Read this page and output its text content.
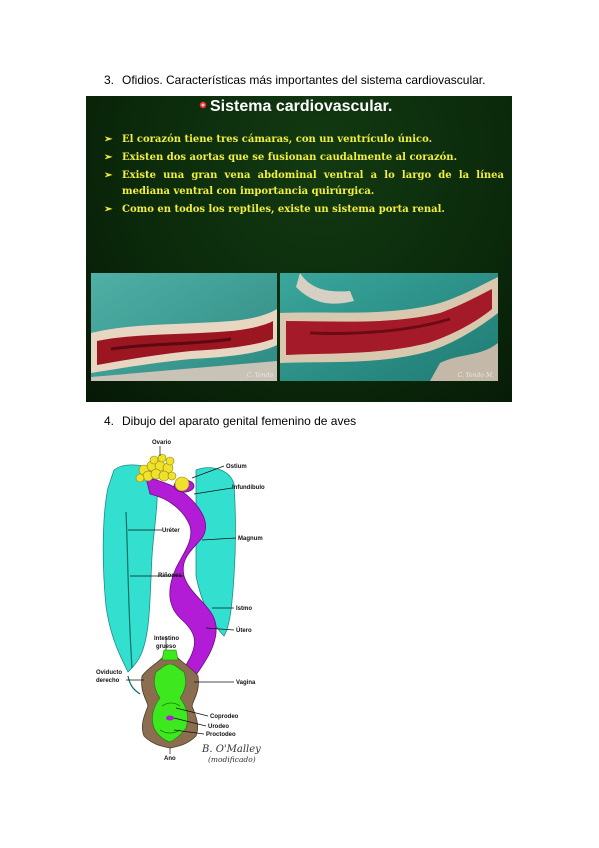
3. Ofidios. Características más importantes del sistema cardiovascular.
Sistema cardiovascular.
➢ El corazón tiene tres cámaras, con un ventrículo único.
➢ Existen dos aortas que se fusionan caudalmente al corazón.
➢ Existe una gran vena abdominal ventral a lo largo de la línea mediana ventral con importancia quirúrgica.
➢ Como en todos los reptiles, existe un sistema porta renal.
C. Yendo	C. Yendo M.
4. Dibujo del aparato genital femenino de aves
Ovario
Ostium
Infundíbulo
Uréter
Magnum
Riñones
Istmo
Útero
Intestino
grueso
Oviducto
derecho	Vagina
Coprodeo
Urodeo
Proctodeo
Ano
B. O'Malley
(modificado)
